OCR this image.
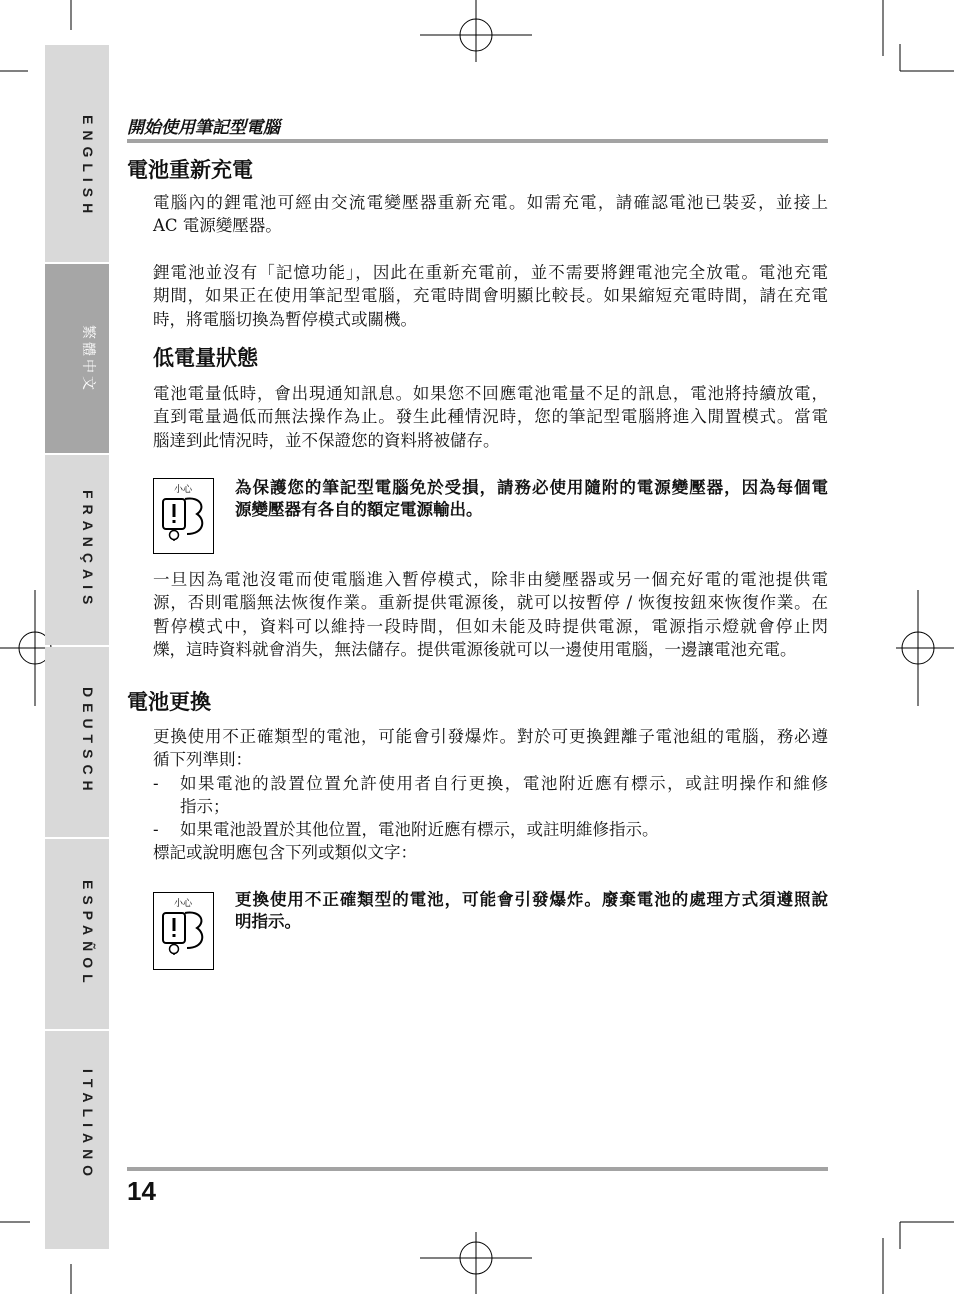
ENGLISH
繁體中文
FRANÇAIS
DEUTSCH
ESPAÑOL
ITALIANO
開始使用筆記型電腦
電池重新充電
電腦內的鋰電池可經由交流電變壓器重新充電。如需充電，請確認電池已裝妥，並接上
AC 電源變壓器。
鋰電池並沒有「記憶功能」，因此在重新充電前，並不需要將鋰電池完全放電。電池充電
期間，如果正在使用筆記型電腦，充電時間會明顯比較長。如果縮短充電時間，請在充電
時，將電腦切換為暫停模式或關機。
低電量狀態
電池電量低時，會出現通知訊息。如果您不回應電池電量不足的訊息，電池將持續放電，
直到電量過低而無法操作為止。發生此種情況時，您的筆記型電腦將進入閒置模式。當電
腦達到此情況時，並不保證您的資料將被儲存。
小心	為保護您的筆記型電腦免於受損，請務必使用隨附的電源變壓器，因為每個電
源變壓器有各自的額定電源輸出。
一旦因為電池沒電而使電腦進入暫停模式，除非由變壓器或另一個充好電的電池提供電
源，否則電腦無法恢復作業。重新提供電源後，就可以按暫停 / 恢復按鈕來恢復作業。在
暫停模式中，資料可以維持一段時間，但如未能及時提供電源，電源指示燈就會停止閃
爍，這時資料就會消失，無法儲存。提供電源後就可以一邊使用電腦，一邊讓電池充電。
電池更換
更換使用不正確類型的電池，可能會引發爆炸。對於可更換鋰離子電池組的電腦，務必遵
循下列準則：
-	如果電池的設置位置允許使用者自行更換，電池附近應有標示，或註明操作和維修
指示；
-	如果電池設置於其他位置，電池附近應有標示，或註明維修指示。
標記或說明應包含下列或類似文字：
小心	更換使用不正確類型的電池，可能會引發爆炸。廢棄電池的處理方式須遵照說
明指示。
14
